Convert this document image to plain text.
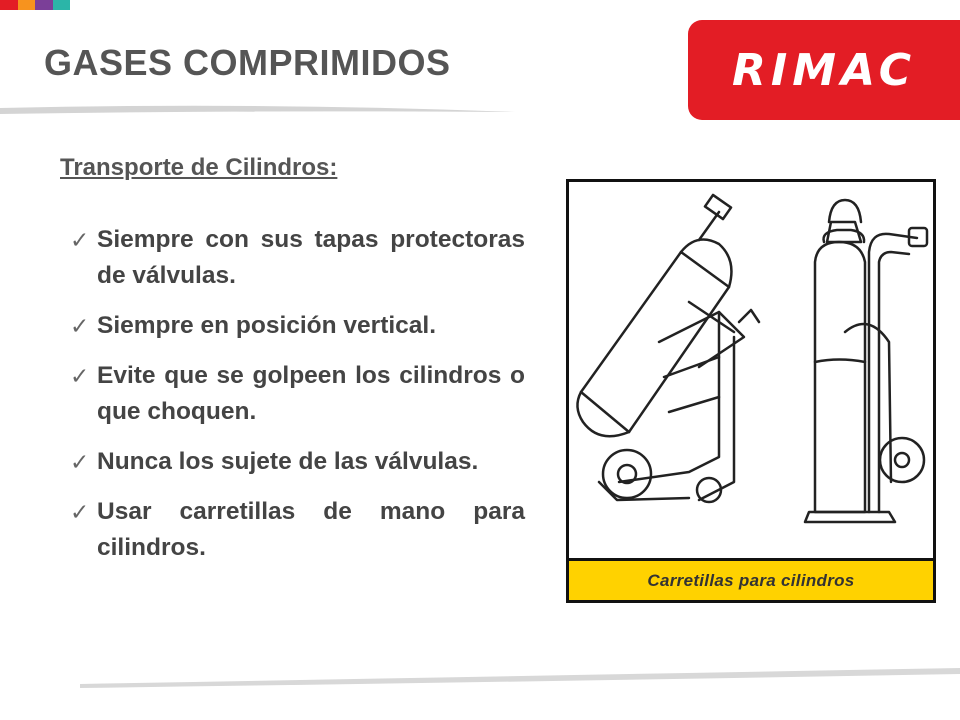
GASES COMPRIMIDOS	RIMAC
Transporte de Cilindros:
✓ Siempre con sus tapas protectoras de válvulas.
✓ Siempre en posición vertical.
✓ Evite que se golpeen los cilindros o que choquen.
✓ Nunca los sujete de las válvulas.
✓ Usar carretillas de mano para cilindros.
Carretillas para cilindros
